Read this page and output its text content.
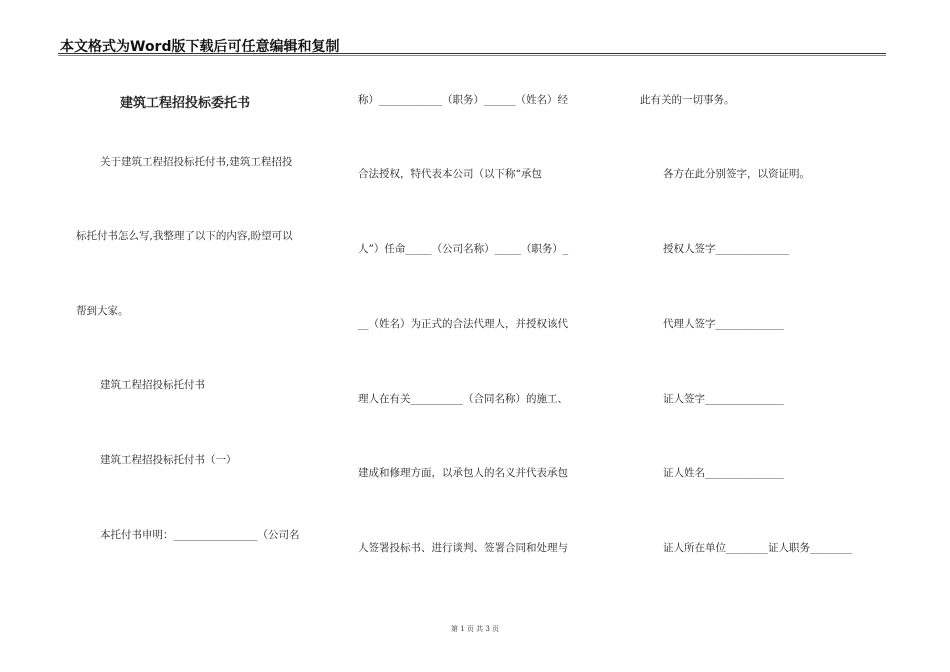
本文格式为Word版下载后可任意编辑和复制
建筑工程招投标委托书
关于建筑工程招投标托付书,建筑工程招投
标托付书怎么写,我整理了以下的内容,盼望可以
帮到大家。
建筑工程招投标托付书
建筑工程招投标托付书（一）
本托付书申明：________________（公司名
称）____________（职务）______（姓名）经
合法授权，特代表本公司（以下称“承包
人”）任命_____（公司名称）_____（职务）_
__（姓名）为正式的合法代理人，并授权该代
理人在有关__________（合同名称）的施工、
建成和修理方面，以承包人的名义并代表承包
人签署投标书、进行谈判、签署合同和处理与
此有关的一切事务。
各方在此分别签字，以资证明。
授权人签字______________
代理人签字_____________
证人签字_______________
证人姓名_______________
证人所在单位________证人职务________
第 1 页 共 3 页
